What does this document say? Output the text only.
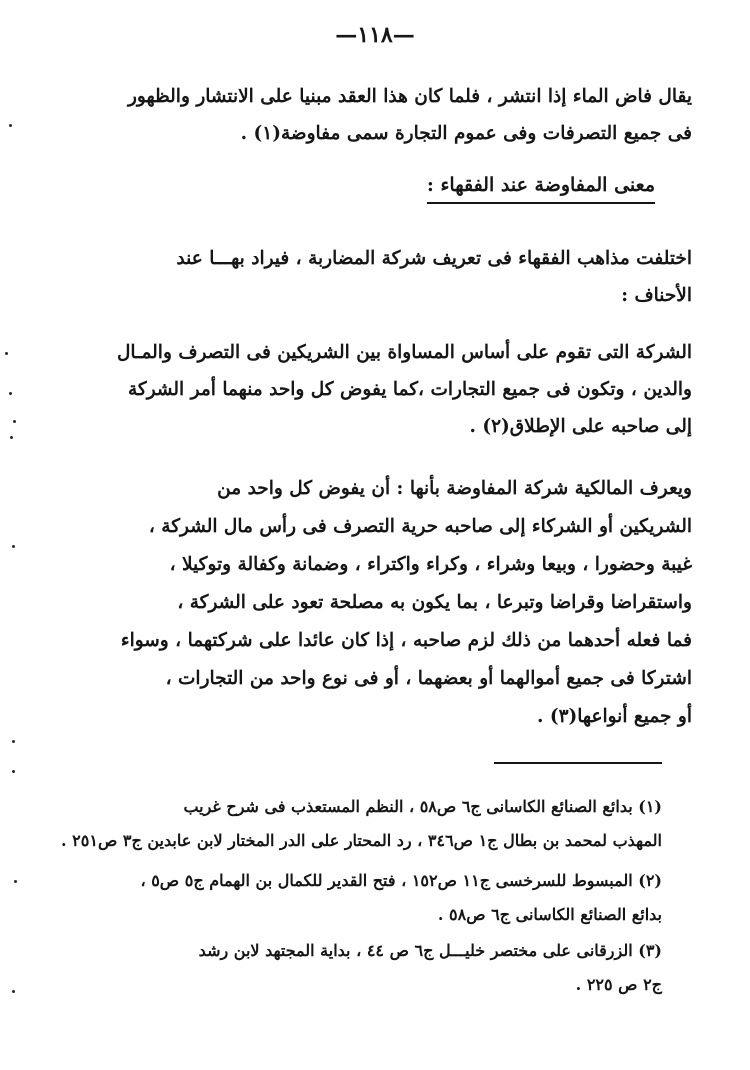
—١١٨—
يقال فاض الماء إذا انتشر ، فلما كان هذا العقد مبنيا على الانتشار والظهور
فى جميع التصرفات وفى عموم التجارة سمى مفاوضة(١) .
معنى المفاوضة عند الفقهاء :
اختلفت مذاهب الفقهاء فى تعريف شركة المضاربة ، فيراد بهـــا عند
الأحناف :
الشركة التى تقوم على أساس المساواة بين الشريكين فى التصرف والمـال
والدين ، وتكون فى جميع التجارات ،كما يفوض كل واحد منهما أمر الشركة
إلى صاحبه على الإطلاق(٢) .
ويعرف المالكية شركة المفاوضة بأنها : أن يفوض كل واحد من
الشريكين أو الشركاء إلى صاحبه حرية التصرف فى رأس مال الشركة ،
غيبة وحضورا ، وبيعا وشراء ، وكراء واكتراء ، وضمانة وكفالة وتوكيلا ،
واستقراضا وقراضا وتبرعا ، بما يكون به مصلحة تعود على الشركة ،
فما فعله أحدهما من ذلك لزم صاحبه ، إذا كان عائدا على شركتهما ، وسواء
اشتركا فى جميع أموالهما أو بعضهما ، أو فى نوع واحد من التجارات ،
أو جميع أنواعها(٣) .
(١) بدائع الصنائع الكاسانى ج٦ ص٥٨ ، النظم المستعذب فى شرح غريب
المهذب لمحمد بن بطال ج١ ص٣٤٦ ، رد المحتار على الدر المختار لابن عابدين ج٣ ص٢٥١ .
(٢) المبسوط للسرخسى ج١١ ص١٥٢ ، فتح القدير للكمال بن الهمام ج٥ ص٥ ،
بدائع الصنائع الكاسانى ج٦ ص٥٨ .
(٣) الزرقانى على مختصر خليـــل ج٦ ص ٤٤ ، بداية المجتهد لابن رشد
ج٢ ص ٢٢٥ .
